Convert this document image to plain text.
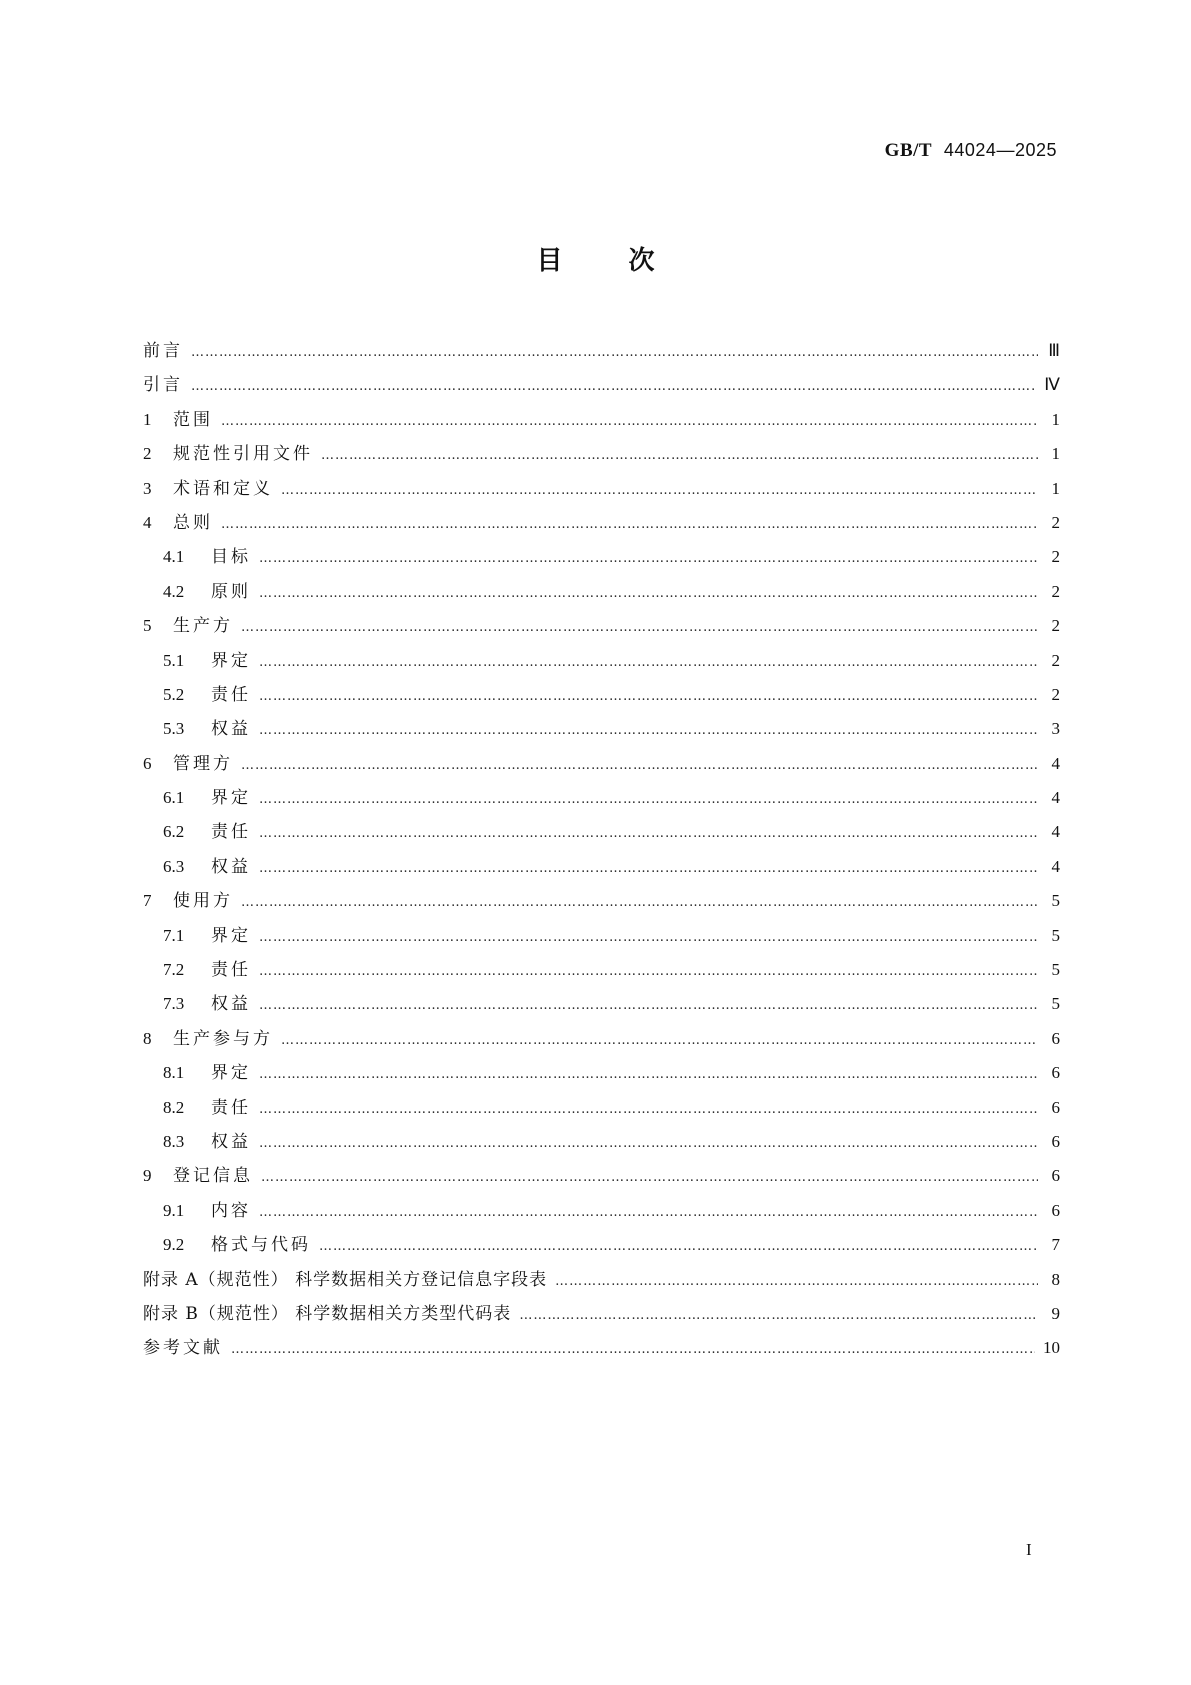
GB/T 44024—2025
目	次
前言 …………………………………………………………………………………………………………………………………………………………………………………………………………………………………………………………………………………………	Ⅲ
引言 …………………………………………………………………………………………………………………………………………………………………………………………………………………………………………………………………………………………	Ⅳ
1	范围 …………………………………………………………………………………………………………………………………………………………………………………………………………………………………………………………………………………………	1
2	规范性引用文件 …………………………………………………………………………………………………………………………………………………………………………………………………………………………………………………………………………………………	1
3	术语和定义 …………………………………………………………………………………………………………………………………………………………………………………………………………………………………………………………………………………………	1
4	总则 …………………………………………………………………………………………………………………………………………………………………………………………………………………………………………………………………………………………	2
4.1	目标 …………………………………………………………………………………………………………………………………………………………………………………………………………………………………………………………………………………………	2
4.2	原则 …………………………………………………………………………………………………………………………………………………………………………………………………………………………………………………………………………………………	2
5	生产方 …………………………………………………………………………………………………………………………………………………………………………………………………………………………………………………………………………………………	2
5.1	界定 …………………………………………………………………………………………………………………………………………………………………………………………………………………………………………………………………………………………	2
5.2	责任 …………………………………………………………………………………………………………………………………………………………………………………………………………………………………………………………………………………………	2
5.3	权益 …………………………………………………………………………………………………………………………………………………………………………………………………………………………………………………………………………………………	3
6	管理方 …………………………………………………………………………………………………………………………………………………………………………………………………………………………………………………………………………………………	4
6.1	界定 …………………………………………………………………………………………………………………………………………………………………………………………………………………………………………………………………………………………	4
6.2	责任 …………………………………………………………………………………………………………………………………………………………………………………………………………………………………………………………………………………………	4
6.3	权益 …………………………………………………………………………………………………………………………………………………………………………………………………………………………………………………………………………………………	4
7	使用方 …………………………………………………………………………………………………………………………………………………………………………………………………………………………………………………………………………………………	5
7.1	界定 …………………………………………………………………………………………………………………………………………………………………………………………………………………………………………………………………………………………	5
7.2	责任 …………………………………………………………………………………………………………………………………………………………………………………………………………………………………………………………………………………………	5
7.3	权益 …………………………………………………………………………………………………………………………………………………………………………………………………………………………………………………………………………………………	5
8	生产参与方 …………………………………………………………………………………………………………………………………………………………………………………………………………………………………………………………………………………………	6
8.1	界定 …………………………………………………………………………………………………………………………………………………………………………………………………………………………………………………………………………………………	6
8.2	责任 …………………………………………………………………………………………………………………………………………………………………………………………………………………………………………………………………………………………	6
8.3	权益 …………………………………………………………………………………………………………………………………………………………………………………………………………………………………………………………………………………………	6
9	登记信息 …………………………………………………………………………………………………………………………………………………………………………………………………………………………………………………………………………………………	6
9.1	内容 …………………………………………………………………………………………………………………………………………………………………………………………………………………………………………………………………………………………	6
9.2	格式与代码 …………………………………………………………………………………………………………………………………………………………………………………………………………………………………………………………………………………………	7
附录 A（规范性） 科学数据相关方登记信息字段表 …………………………………………………………………………………………………………………………………………………………………………………………………………………………………………………………………………………………	8
附录 B（规范性） 科学数据相关方类型代码表 …………………………………………………………………………………………………………………………………………………………………………………………………………………………………………………………………………………………	9
参考文献 …………………………………………………………………………………………………………………………………………………………………………………………………………………………………………………………………………………………	10
I
